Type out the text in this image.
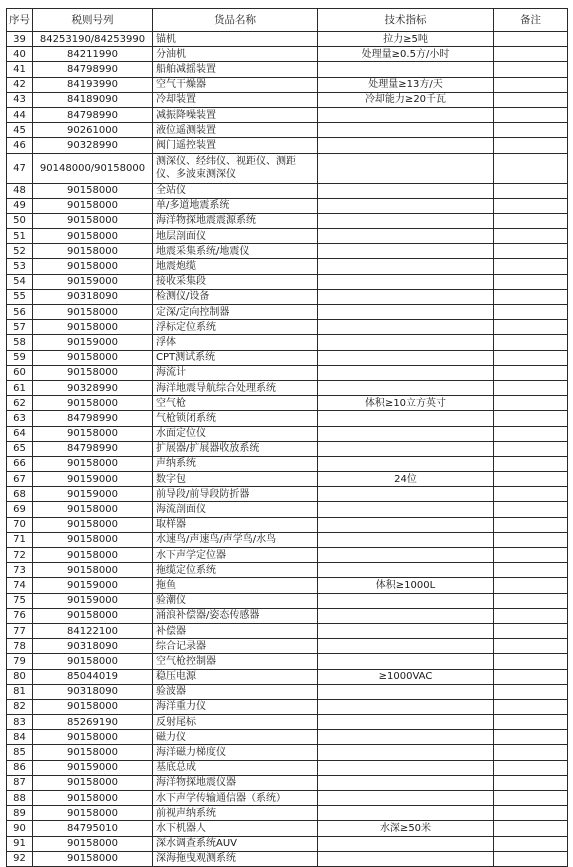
序号	税则号列	货品名称	技术指标	备注
39	84253190/84253990	锚机	拉力≥5吨	
40	84211990	分油机	处理量≥0.5方/小时	
41	84798990	船舶减摇装置		
42	84193990	空气干燥器	处理量≥13方/天	
43	84189090	冷却装置	冷却能力≥20千瓦	
44	84798990	减振降噪装置		
45	90261000	液位遥测装置		
46	90328990	阀门遥控装置		
47	90148000/90158000	测深仪、经纬仪、视距仪、测距仪、多波束测深仪		
48	90158000	全站仪		
49	90158000	单/多道地震系统		
50	90158000	海洋物探地震震源系统		
51	90158000	地层剖面仪		
52	90158000	地震采集系统/地震仪		
53	90158000	地震炮缆		
54	90159000	接收采集段		
55	90318090	检测仪/设备		
56	90158000	定深/定向控制器		
57	90158000	浮标定位系统		
58	90159000	浮体		
59	90158000	CPT测试系统		
60	90158000	海流计		
61	90328990	海洋地震导航综合处理系统		
62	90158000	空气枪	体积≥10立方英寸	
63	84798990	气枪锁闭系统		
64	90158000	水面定位仪		
65	84798990	扩展器/扩展器收放系统		
66	90158000	声纳系统		
67	90159000	数字包	24位	
68	90159000	前导段/前导段防折器		
69	90158000	海流剖面仪		
70	90158000	取样器		
71	90158000	水速鸟/声速鸟/声学鸟/水鸟		
72	90158000	水下声学定位器		
73	90158000	拖缆定位系统		
74	90159000	拖鱼	体积≥1000L	
75	90159000	验潮仪		
76	90158000	涌浪补偿器/姿态传感器		
77	84122100	补偿器		
78	90318090	综合记录器		
79	90158000	空气枪控制器		
80	85044019	稳压电源	≥1000VAC	
81	90318090	验波器		
82	90158000	海洋重力仪		
83	85269190	反射尾标		
84	90158000	磁力仪		
85	90158000	海洋磁力梯度仪		
86	90159000	基底总成		
87	90158000	海洋物探地震仪器		
88	90158000	水下声学传输通信器（系统）		
89	90158000	前视声纳系统		
90	84795010	水下机器人	水深≥50米	
91	90158000	深水调查系统AUV		
92	90158000	深海拖曳观测系统		
